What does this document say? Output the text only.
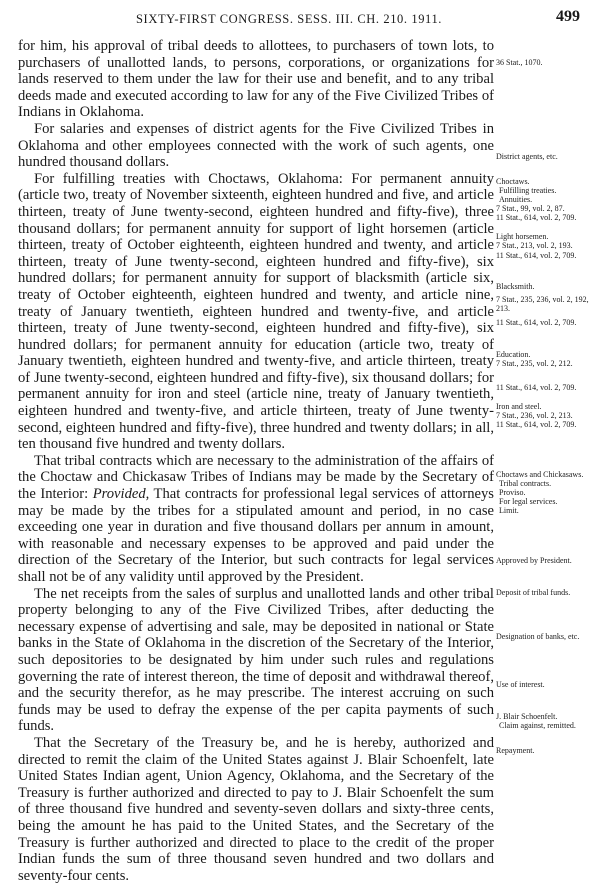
SIXTY-FIRST CONGRESS. SESS. III. CH. 210. 1911.	499

for him, his approval of tribal deeds to allottees, to purchasers of town lots, to purchasers of unallotted lands, to persons, corporations, or organizations for lands reserved to them under the law for their use and benefit, and to any tribal deeds made and executed according to law for any of the Five Civilized Tribes of Indians in Oklahoma.

For salaries and expenses of district agents for the Five Civilized Tribes in Oklahoma and other employees connected with the work of such agents, one hundred thousand dollars.

For fulfilling treaties with Choctaws, Oklahoma: For permanent annuity (article two, treaty of November sixteenth, eighteen hundred and five, and article thirteen, treaty of June twenty-second, eighteen hundred and fifty-five), three thousand dollars; for permanent annuity for support of light horsemen (article thirteen, treaty of October eighteenth, eighteen hundred and twenty, and article thirteen, treaty of June twenty-second, eighteen hundred and fifty-five), six hundred dollars; for permanent annuity for support of blacksmith (article six, treaty of October eighteenth, eighteen hundred and twenty, and article nine, treaty of January twentieth, eighteen hundred and twenty-five, and article thirteen, treaty of June twenty-second, eighteen hundred and fifty-five), six hundred dollars; for permanent annuity for education (article two, treaty of January twentieth, eighteen hundred and twenty-five, and article thirteen, treaty of June twenty-second, eighteen hundred and fifty-five), six thousand dollars; for permanent annuity for iron and steel (article nine, treaty of January twentieth, eighteen hundred and twenty-five, and article thirteen, treaty of June twenty-second, eighteen hundred and fifty-five), three hundred and twenty dollars; in all, ten thousand five hundred and twenty dollars.

That tribal contracts which are necessary to the administration of the affairs of the Choctaw and Chickasaw Tribes of Indians may be made by the Secretary of the Interior: Provided, That contracts for professional legal services of attorneys may be made by the tribes for a stipulated amount and period, in no case exceeding one year in duration and five thousand dollars per annum in amount, with reasonable and necessary expenses to be approved and paid under the direction of the Secretary of the Interior, but such contracts for legal services shall not be of any validity until approved by the President.

The net receipts from the sales of surplus and unallotted lands and other tribal property belonging to any of the Five Civilized Tribes, after deducting the necessary expense of advertising and sale, may be deposited in national or State banks in the State of Oklahoma in the discretion of the Secretary of the Interior, such depositories to be designated by him under such rules and regulations governing the rate of interest thereon, the time of deposit and withdrawal thereof, and the security therefor, as he may prescribe. The interest accruing on such funds may be used to defray the expense of the per capita payments of such funds.

That the Secretary of the Treasury be, and he is hereby, authorized and directed to remit the claim of the United States against J. Blair Schoenfelt, late United States Indian agent, Union Agency, Oklahoma, and the Secretary of the Treasury is further authorized and directed to pay to J. Blair Schoenfelt the sum of three thousand five hundred and seventy-seven dollars and sixty-three cents, being the amount he has paid to the United States, and the Secretary of the Treasury is further authorized and directed to place to the credit of the proper Indian funds the sum of three thousand seven hundred and two dollars and seventy-four cents.

36 Stat., 1070.
District agents, etc.
Choctaws.
Fulfilling treaties.
Annuities.
7 Stat., 99, vol. 2, 87.
11 Stat., 614, vol. 2, 709.
Light horsemen.
7 Stat., 213, vol. 2, 193.
11 Stat., 614, vol. 2, 709.
Blacksmith.
7 Stat., 235, 236, vol. 2, 192, 213.
11 Stat., 614, vol. 2, 709.
Education.
7 Stat., 235, vol. 2, 212.
11 Stat., 614, vol. 2, 709.
Iron and steel.
7 Stat., 236, vol. 2, 213.
11 Stat., 614, vol. 2, 709.
Choctaws and Chickasaws.
Tribal contracts.
Proviso.
For legal services.
Limit.
Approved by President.
Deposit of tribal funds.
Designation of banks, etc.
Use of interest.
J. Blair Schoenfelt.
Claim against, remitted.
Repayment.
